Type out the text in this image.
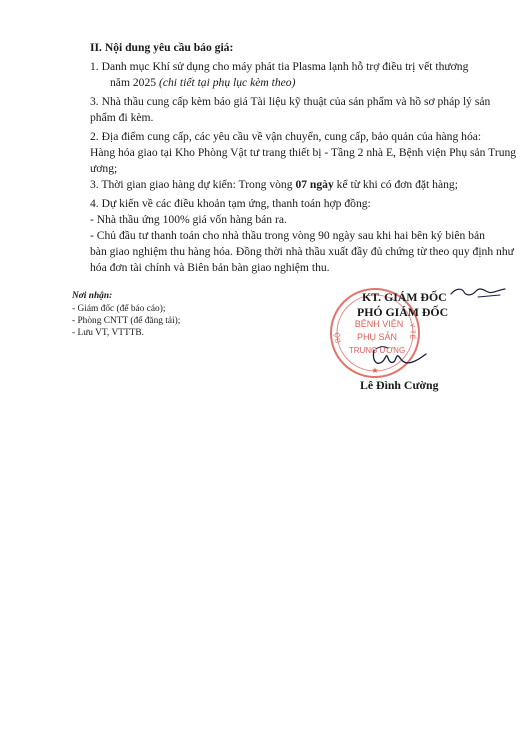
II. Nội dung yêu cầu báo giá:
1. Danh mục Khí sử dụng cho máy phát tia Plasma lạnh hỗ trợ điều trị vết thương
năm 2025 (chi tiết tại phụ lục kèm theo)
3. Nhà thầu cung cấp kèm báo giá Tài liệu kỹ thuật của sản phẩm và hồ sơ pháp lý sản
phẩm đi kèm.
2. Địa điểm cung cấp, các yêu cầu về vận chuyển, cung cấp, bảo quản của hàng hóa:
Hàng hóa giao tại Kho Phòng Vật tư trang thiết bị - Tầng 2 nhà E, Bệnh viện Phụ sản Trung
ương;
3. Thời gian giao hàng dự kiến: Trong vòng 07 ngày kể từ khi có đơn đặt hàng;
4. Dự kiến về các điều khoản tạm ứng, thanh toán hợp đồng:
- Nhà thầu ứng 100% giá vốn hàng bán ra.
- Chủ đầu tư thanh toán cho nhà thầu trong vòng 90 ngày sau khi hai bên ký biên bản
bàn giao nghiệm thu hàng hóa. Đồng thời nhà thầu xuất đầy đủ chứng từ theo quy định như
hóa đơn tài chính và Biên bản bàn giao nghiệm thu.
Nơi nhận:
- Giám đốc (để báo cáo);
- Phòng CNTT (để đăng tải);
- Lưu VT, VTTTB.
BỘ
Y TẾ
BỆNH VIỆN
PHỤ SẢN
TRUNG ƯƠNG
★
KT. GIÁM ĐỐC
PHÓ GIÁM ĐỐC
Lê Đình Cường
